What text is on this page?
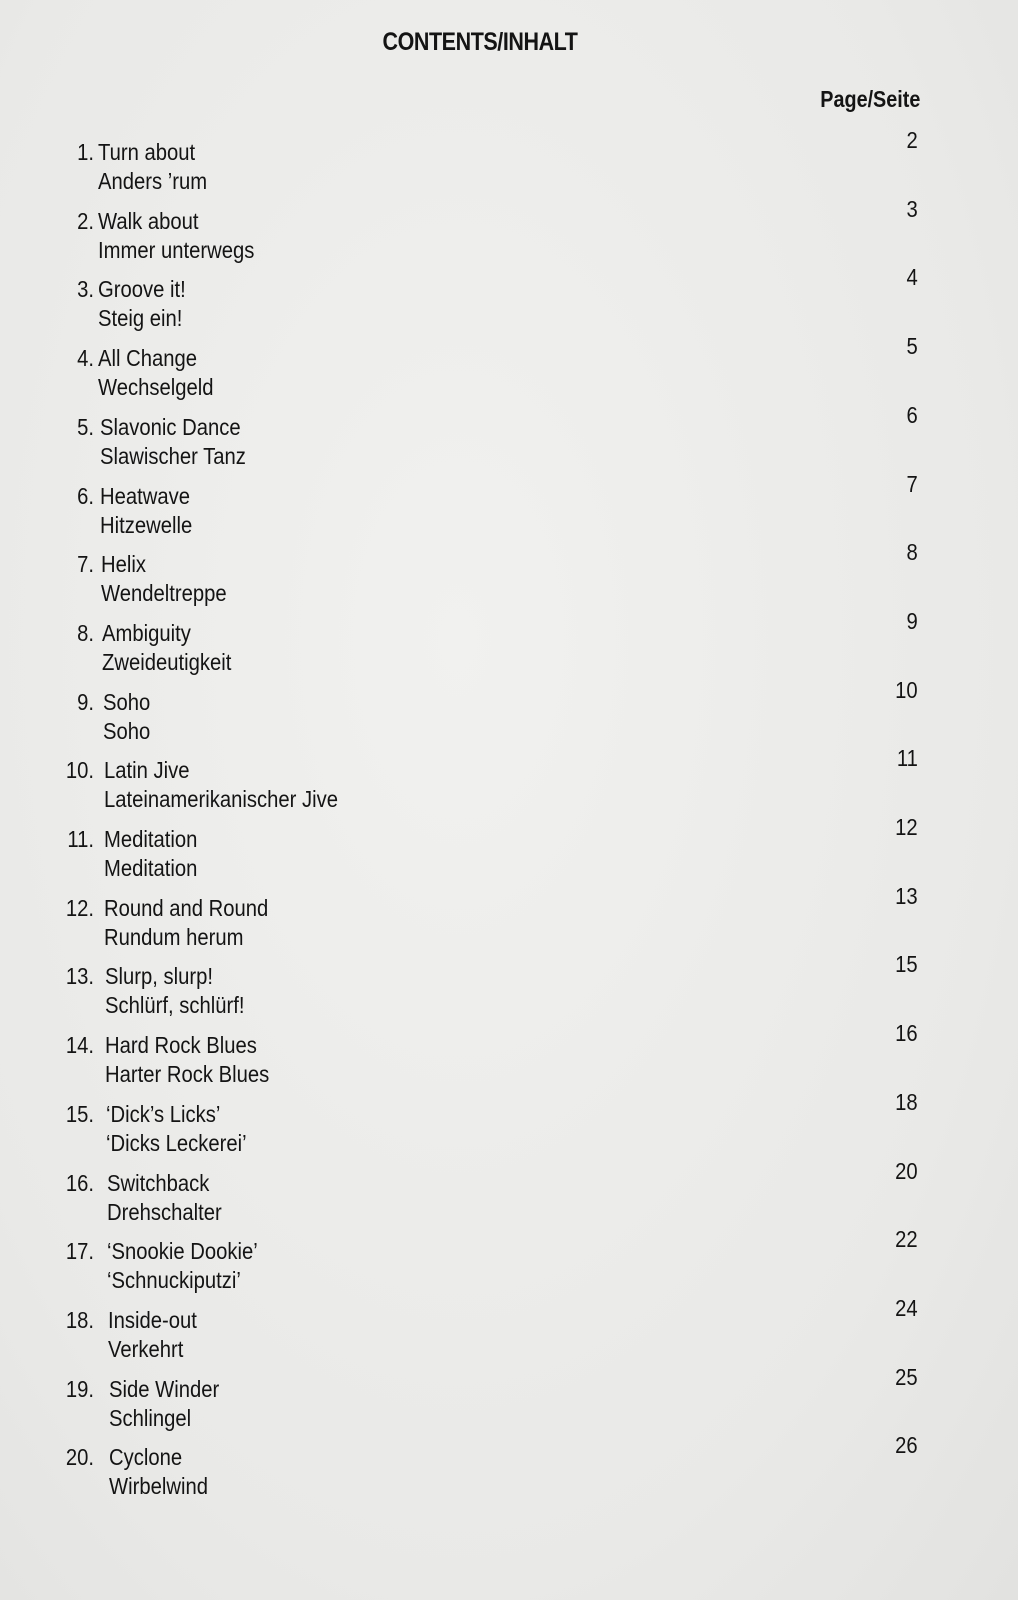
CONTENTS/INHALT
Page/Seite
1. Turn about
Anders ’rum
2
2. Walk about
Immer unterwegs
3
3. Groove it!
Steig ein!
4
4. All Change
Wechselgeld
5
5. Slavonic Dance
Slawischer Tanz
6
6. Heatwave
Hitzewelle
7
7. Helix
Wendeltreppe
8
8. Ambiguity
Zweideutigkeit
9
9. Soho
Soho
10
10. Latin Jive
Lateinamerikanischer Jive
11
11. Meditation
Meditation
12
12. Round and Round
Rundum herum
13
13. Slurp, slurp!
Schlürf, schlürf!
15
14. Hard Rock Blues
Harter Rock Blues
16
15. ‘Dick’s Licks’
‘Dicks Leckerei’
18
16. Switchback
Drehschalter
20
17. ‘Snookie Dookie’
‘Schnuckiputzi’
22
18. Inside-out
Verkehrt
24
19. Side Winder
Schlingel
25
20. Cyclone
Wirbelwind
26
